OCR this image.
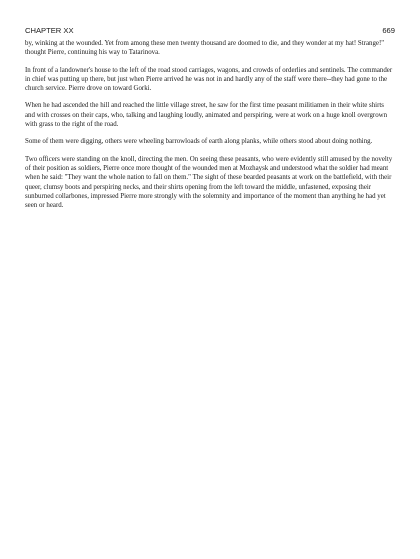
CHAPTER XX	669

by, winking at the wounded. Yet from among these men twenty thousand are doomed to die, and they wonder at my hat! Strange!" thought Pierre, continuing his way to Tatarinova.

In front of a landowner's house to the left of the road stood carriages, wagons, and crowds of orderlies and sentinels. The commander in chief was putting up there, but just when Pierre arrived he was not in and hardly any of the staff were there--they had gone to the church service. Pierre drove on toward Gorki.

When he had ascended the hill and reached the little village street, he saw for the first time peasant militiamen in their white shirts and with crosses on their caps, who, talking and laughing loudly, animated and perspiring, were at work on a huge knoll overgrown with grass to the right of the road.

Some of them were digging, others were wheeling barrowloads of earth along planks, while others stood about doing nothing.

Two officers were standing on the knoll, directing the men. On seeing these peasants, who were evidently still amused by the novelty of their position as soldiers, Pierre once more thought of the wounded men at Mozhaysk and understood what the soldier had meant when he said: "They want the whole nation to fall on them." The sight of these bearded peasants at work on the battlefield, with their queer, clumsy boots and perspiring necks, and their shirts opening from the left toward the middle, unfastened, exposing their sunburned collarbones, impressed Pierre more strongly with the solemnity and importance of the moment than anything he had yet seen or heard.
